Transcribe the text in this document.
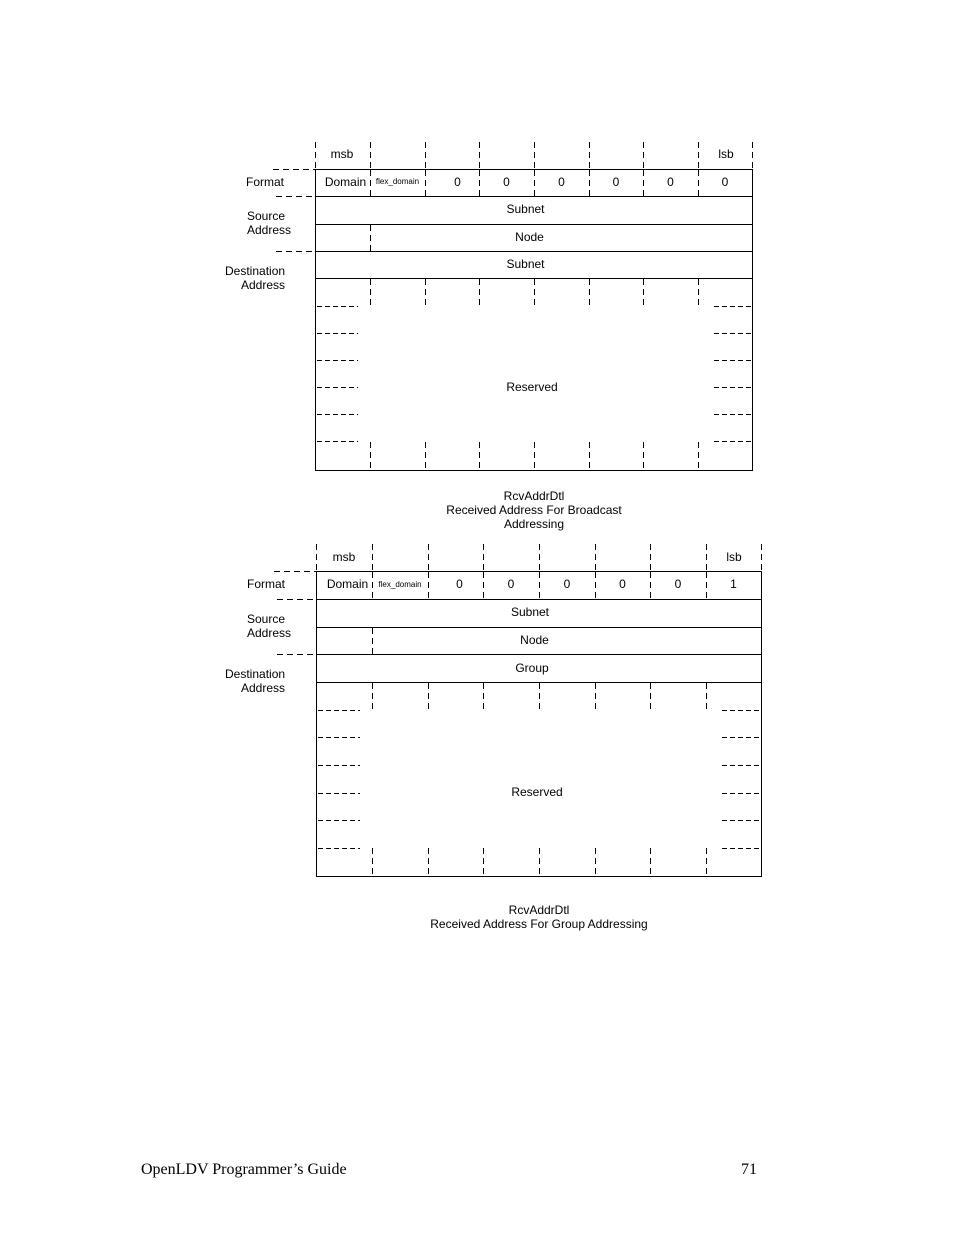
msb	lsb
Format
Source
Address
Destination
Address
Domain	flex_domain	0	0	0	0	0	0
Subnet
Node
Subnet
Reserved
RcvAddrDtl
Received Address For Broadcast
Addressing
msb	lsb
Format
Source
Address
Destination
Address
Domain	flex_domain	0	0	0	0	0	1
Subnet
Node
Group
Reserved
RcvAddrDtl
Received Address For Group Addressing
OpenLDV Programmer’s Guide	71
